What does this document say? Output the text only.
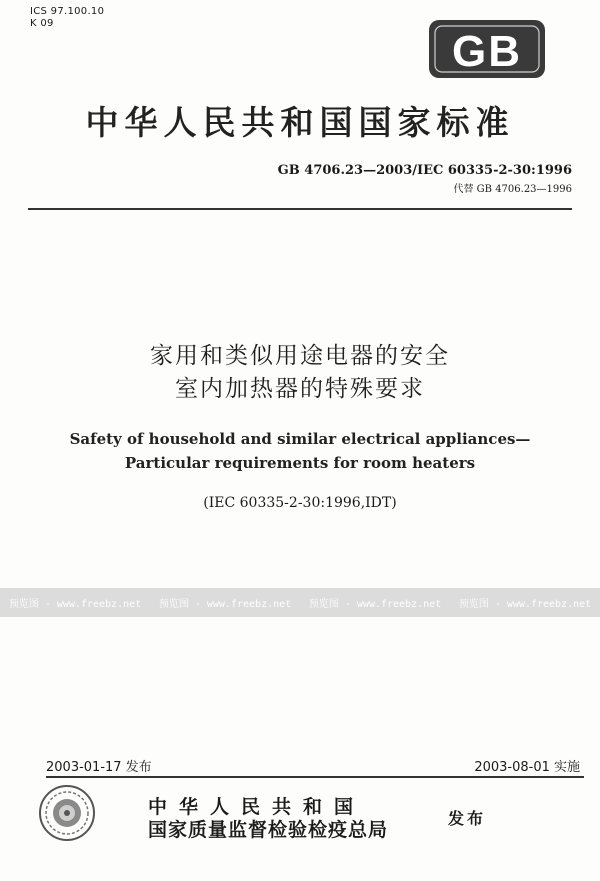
ICS 97.100.10
K 09
GB
中华人民共和国国家标准
GB 4706.23—2003/IEC 60335-2-30:1996
代替 GB 4706.23—1996
家用和类似用途电器的安全
室内加热器的特殊要求
Safety of household and similar electrical appliances—
Particular requirements for room heaters
(IEC 60335-2-30:1996,IDT)
预览图 - www.freebz.net 预览图 - www.freebz.net 预览图 - www.freebz.net 预览图 - www.freebz.net
2003-01-17 发布	2003-08-01 实施
中华人民共和国
国家质量监督检验检疫总局
发布
